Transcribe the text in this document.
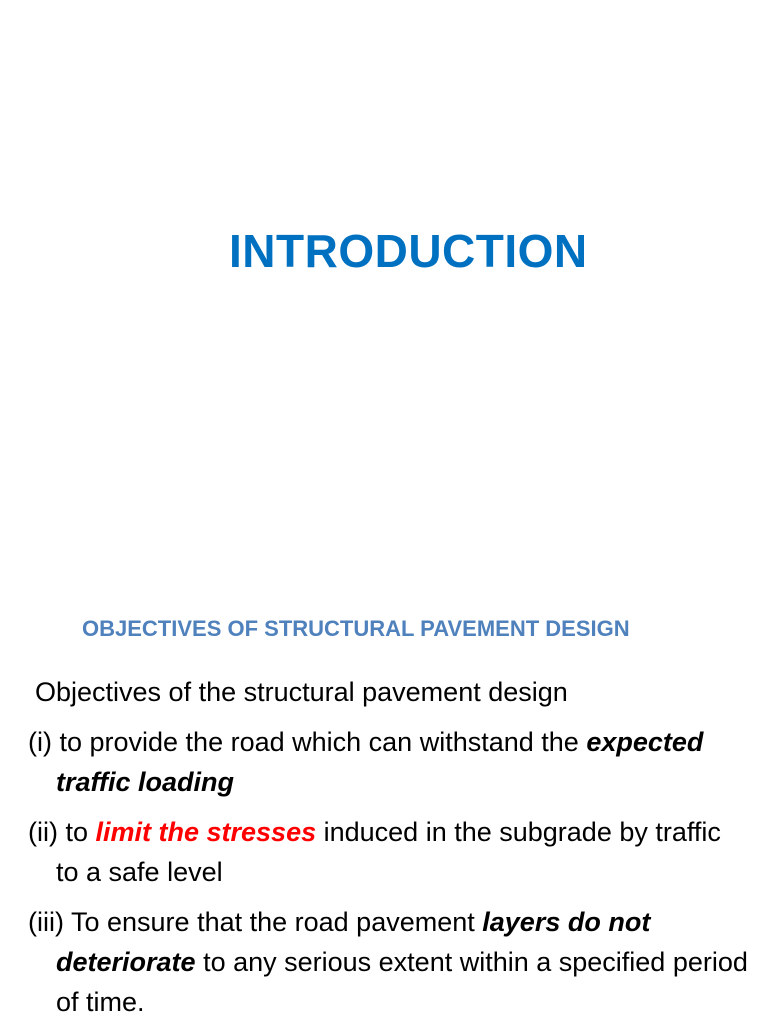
INTRODUCTION
OBJECTIVES OF STRUCTURAL PAVEMENT DESIGN
Objectives of the structural pavement design

(i) to provide the road which can withstand the expected traffic loading

(ii) to limit the stresses induced in the subgrade by traffic to a safe level

(iii) To ensure that the road pavement layers do not deteriorate to any serious extent within a specified period of time.
